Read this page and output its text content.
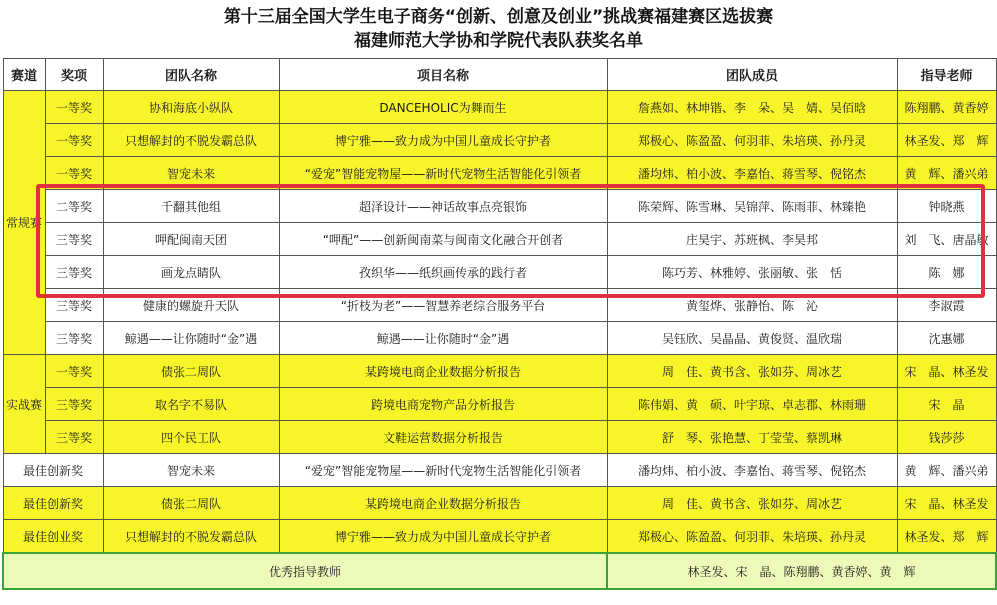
第十三届全国大学生电子商务“创新、创意及创业”挑战赛福建赛区选拔赛
福建师范大学协和学院代表队获奖名单
赛道	奖项	团队名称	项目名称	团队成员	指导老师
常规赛	一等奖	协和海底小纵队	DANCEHOLIC为舞而生	詹燕如、林坤锴、李　朵、吴　婧、吴佰晗	陈翔鹏、黄香婷
	一等奖	只想解封的不脱发霸总队	博宁雅——致力成为中国儿童成长守护者	郑极心、陈盈盈、何羽菲、朱培瑛、孙丹灵	林圣发、郑　辉
	一等奖	智宠未来	“爱宠”智能宠物屋——新时代宠物生活智能化引领者	潘均炜、柏小波、李嘉怡、蒋雪琴、倪铭杰	黄　辉、潘兴弟
	二等奖	千翻其他组	超泽设计——神话故事点亮银饰	陈荣辉、陈雪琳、吴锦萍、陈雨菲、林臻艳	钟晓燕
	三等奖	呷配闽南天团	“呷配”——创新闽南菜与闽南文化融合开创者	庄昊宇、苏班枫、李昊邦	刘　飞、唐晶敏
	三等奖	画龙点睛队	孜织华——纸织画传承的践行者	陈巧芳、林雅婷、张丽敏、张　恬	陈　娜
	三等奖	健康的螺旋升天队	“折枝为老”——智慧养老综合服务平台	黄玺烨、张静怡、陈　沁	李淑霞
	三等奖	鲸遇——让你随时“金”遇	鲸遇——让你随时“金”遇	吴钰欣、吴晶晶、黄俊贤、温欣瑞	沈惠娜
实战赛	一等奖	债张二周队	某跨境电商企业数据分析报告	周　佳、黄书含、张如芬、周冰艺	宋　晶、林圣发
	三等奖	取名字不易队	跨境电商宠物产品分析报告	陈伟娟、黄　硕、叶宇琼、卓志郡、林雨珊	宋　晶
	三等奖	四个民工队	文鞋运营数据分析报告	舒　琴、张艳慧、丁莹莹、蔡凯琳	钱莎莎
最佳创新奖		智宠未来	“爱宠”智能宠物屋——新时代宠物生活智能化引领者	潘均炜、柏小波、李嘉怡、蒋雪琴、倪铭杰	黄　辉、潘兴弟
最佳创新奖		债张二周队	某跨境电商企业数据分析报告	周　佳、黄书含、张如芬、周冰艺	宋　晶、林圣发
最佳创业奖		只想解封的不脱发霸总队	博宁雅——致力成为中国儿童成长守护者	郑极心、陈盈盈、何羽菲、朱培瑛、孙丹灵	林圣发、郑　辉
优秀指导教师				林圣发、宋　晶、陈翔鹏、黄香婷、黄　辉	
